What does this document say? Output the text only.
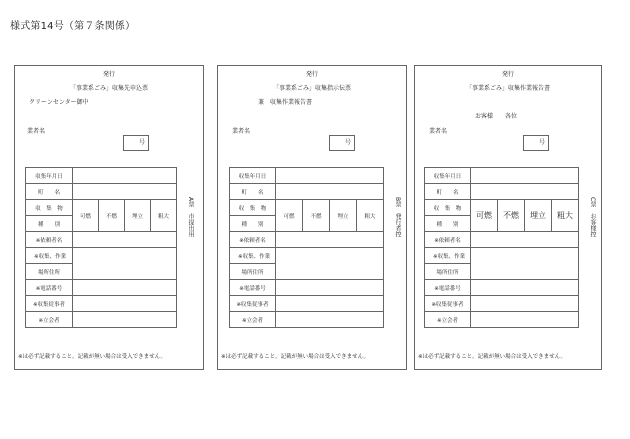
様式第14号（第７条関係）
発行
「事業系ごみ」収集先申込票
クリーンセンター御中
業者名
号
収集年月日				
町　　名				
収　集　物	可燃	不燃	埋立	粗大
種　　別				
※依頼者名				
※収集、作業				
場所住所				
※電話番号				
※収集従事者				
※立会者				
A票　市提出用
※は必ず記載すること。記載が無い場合は受入できません。
発行
「事業系ごみ」収集指示伝票
兼　収集作業報告書
業者名
号
収集年月日				
町　　名				
収　集　物	可燃	不燃	埋立	粗大
種　　別				
※依頼者名				
※収集、作業				
場所住所				
※電話番号				
※収集従事者				
※立会者				
B票　発行者控
※は必ず記載すること。記載が無い場合は受入できません。
発行
「事業系ごみ」収集作業報告書
お客様　　各位
業者名
号
収集年月日				
町　　名				
収　集　物	可燃	不燃	埋立	粗大
種　　別				
※依頼者名				
※収集、作業				
場所住所				
※電話番号				
※収集従事者				
※立会者				
C票　お客様控
※は必ず記載すること。記載が無い場合は受入できません。
